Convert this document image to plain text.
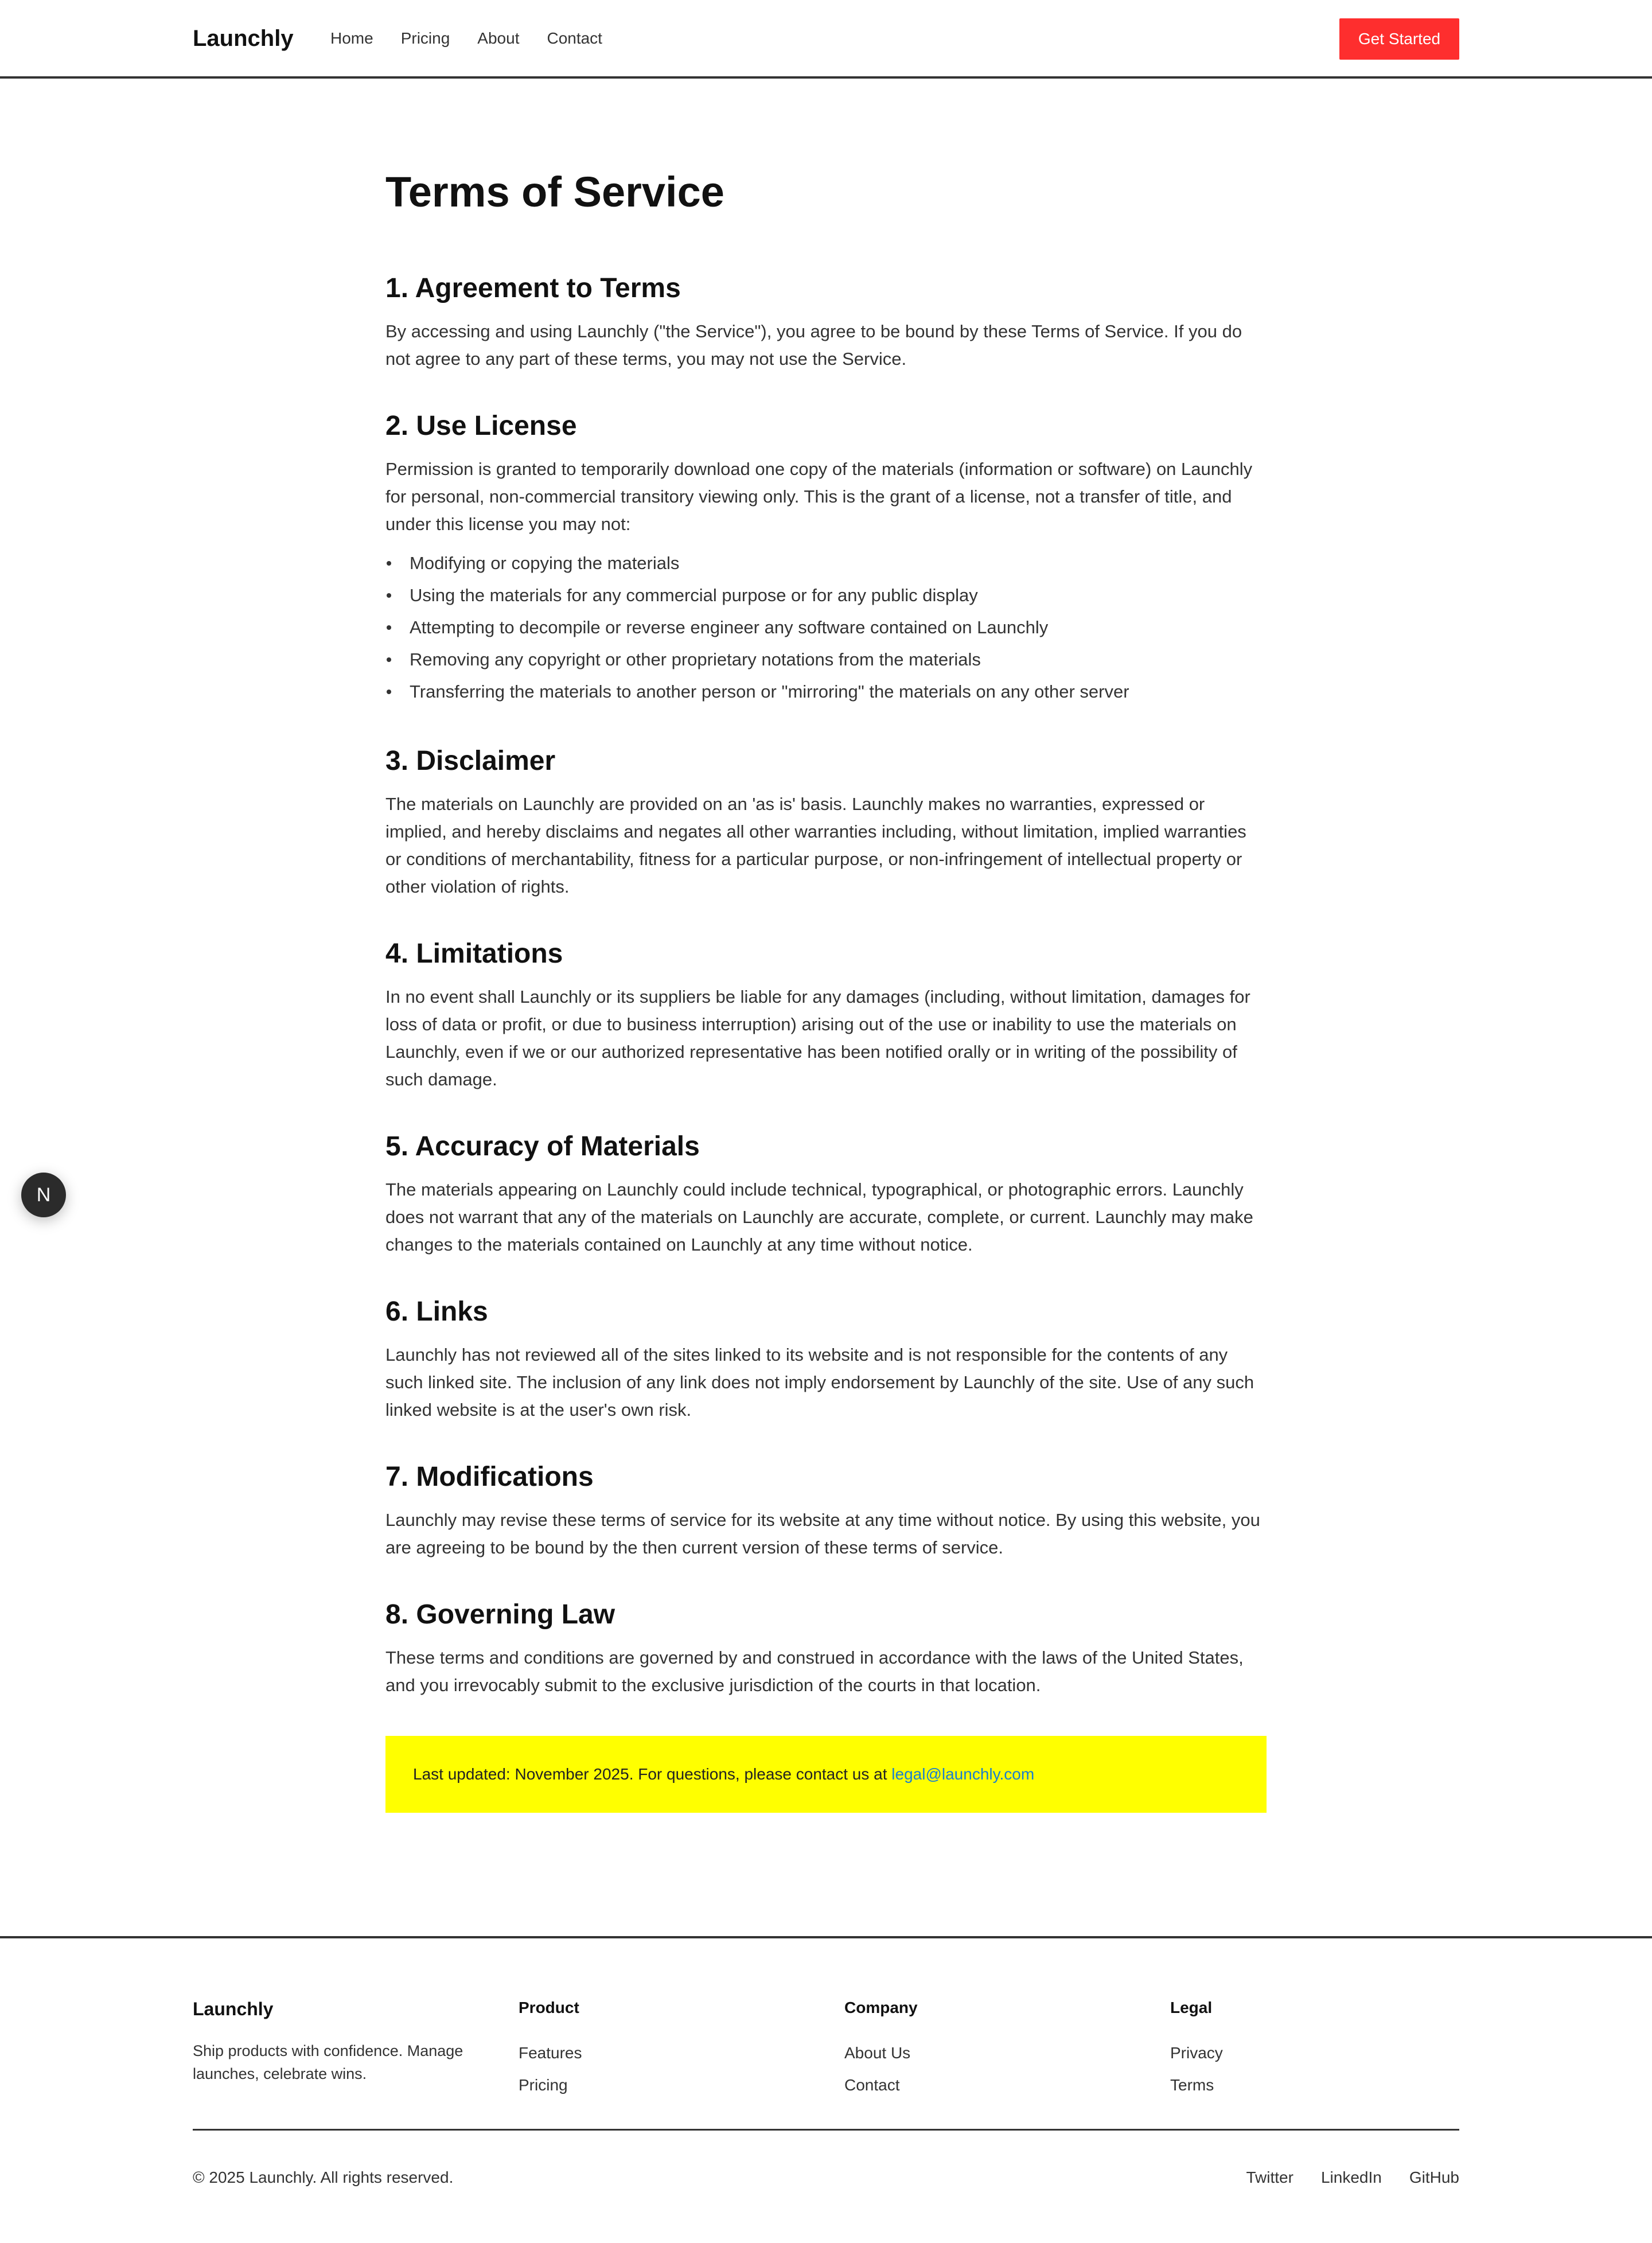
Launchly Home Pricing About Contact	Get Started
N
Terms of Service
1. Agreement to Terms

By accessing and using Launchly ("the Service"), you agree to be bound by these Terms of Service. If you do not agree to any part of these terms, you may not use the Service.

2. Use License

Permission is granted to temporarily download one copy of the materials (information or software) on Launchly for personal, non-commercial transitory viewing only. This is the grant of a license, not a transfer of title, and under this license you may not:

Modifying or copying the materials
Using the materials for any commercial purpose or for any public display
Attempting to decompile or reverse engineer any software contained on Launchly
Removing any copyright or other proprietary notations from the materials
Transferring the materials to another person or "mirroring" the materials on any other server
3. Disclaimer

The materials on Launchly are provided on an 'as is' basis. Launchly makes no warranties, expressed or implied, and hereby disclaims and negates all other warranties including, without limitation, implied warranties or conditions of merchantability, fitness for a particular purpose, or non-infringement of intellectual property or other violation of rights.

4. Limitations

In no event shall Launchly or its suppliers be liable for any damages (including, without limitation, damages for loss of data or profit, or due to business interruption) arising out of the use or inability to use the materials on Launchly, even if we or our authorized representative has been notified orally or in writing of the possibility of such damage.

5. Accuracy of Materials

The materials appearing on Launchly could include technical, typographical, or photographic errors. Launchly does not warrant that any of the materials on Launchly are accurate, complete, or current. Launchly may make changes to the materials contained on Launchly at any time without notice.

6. Links

Launchly has not reviewed all of the sites linked to its website and is not responsible for the contents of any such linked site. The inclusion of any link does not imply endorsement by Launchly of the site. Use of any such linked website is at the user's own risk.

7. Modifications

Launchly may revise these terms of service for its website at any time without notice. By using this website, you are agreeing to be bound by the then current version of these terms of service.

8. Governing Law

These terms and conditions are governed by and construed in accordance with the laws of the United States, and you irrevocably submit to the exclusive jurisdiction of the courts in that location.

Last updated: November 2025. For questions, please contact us at legal@launchly.com
Launchly
Ship products with confidence. Manage launches, celebrate wins.
Product
Features
Pricing
Company
About Us
Contact
Legal
Privacy
Terms
© 2025 Launchly. All rights reserved.	Twitter LinkedIn GitHub
